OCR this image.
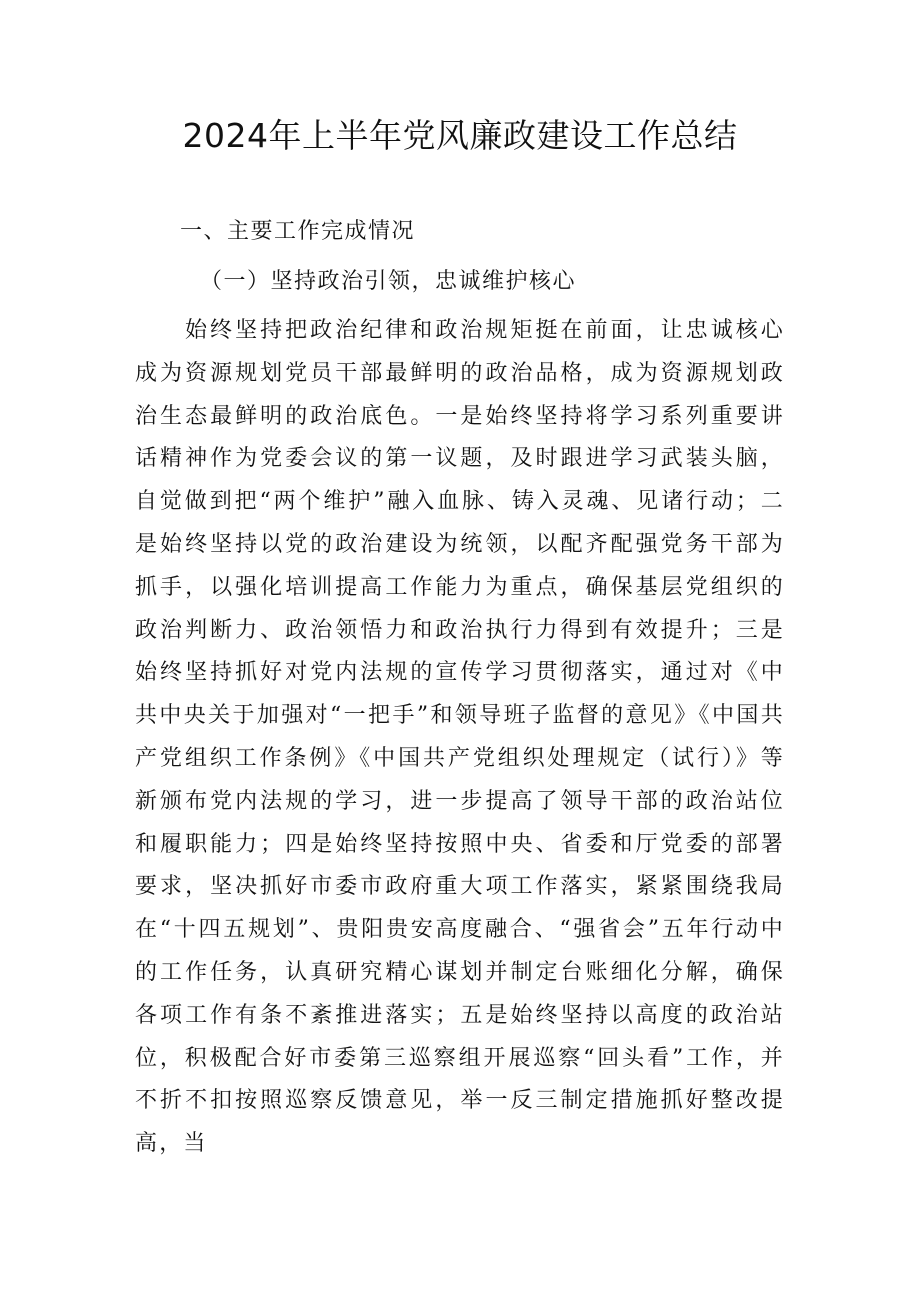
2024年上半年党风廉政建设工作总结

一、主要工作完成情况

（一）坚持政治引领，忠诚维护核心

始终坚持把政治纪律和政治规矩挺在前面，让忠诚核心成为资源规划党员干部最鲜明的政治品格，成为资源规划政治生态最鲜明的政治底色。一是始终坚持将学习系列重要讲话精神作为党委会议的第一议题，及时跟进学习武装头脑，自觉做到把“两个维护”融入血脉、铸入灵魂、见诸行动；二是始终坚持以党的政治建设为统领，以配齐配强党务干部为抓手，以强化培训提高工作能力为重点，确保基层党组织的政治判断力、政治领悟力和政治执行力得到有效提升；三是始终坚持抓好对党内法规的宣传学习贯彻落实，通过对《中共中央关于加强对“一把手”和领导班子监督的意见》《中国共产党组织工作条例》《中国共产党组织处理规定（试行）》等新颁布党内法规的学习，进一步提高了领导干部的政治站位和履职能力；四是始终坚持按照中央、省委和厅党委的部署要求，坚决抓好市委市政府重大项工作落实，紧紧围绕我局在“十四五规划”、贵阳贵安高度融合、“强省会”五年行动中的工作任务，认真研究精心谋划并制定台账细化分解，确保各项工作有条不紊推进落实；五是始终坚持以高度的政治站位，积极配合好市委第三巡察组开展巡察“回头看”工作，并不折不扣按照巡察反馈意见，举一反三制定措施抓好整改提高，当
